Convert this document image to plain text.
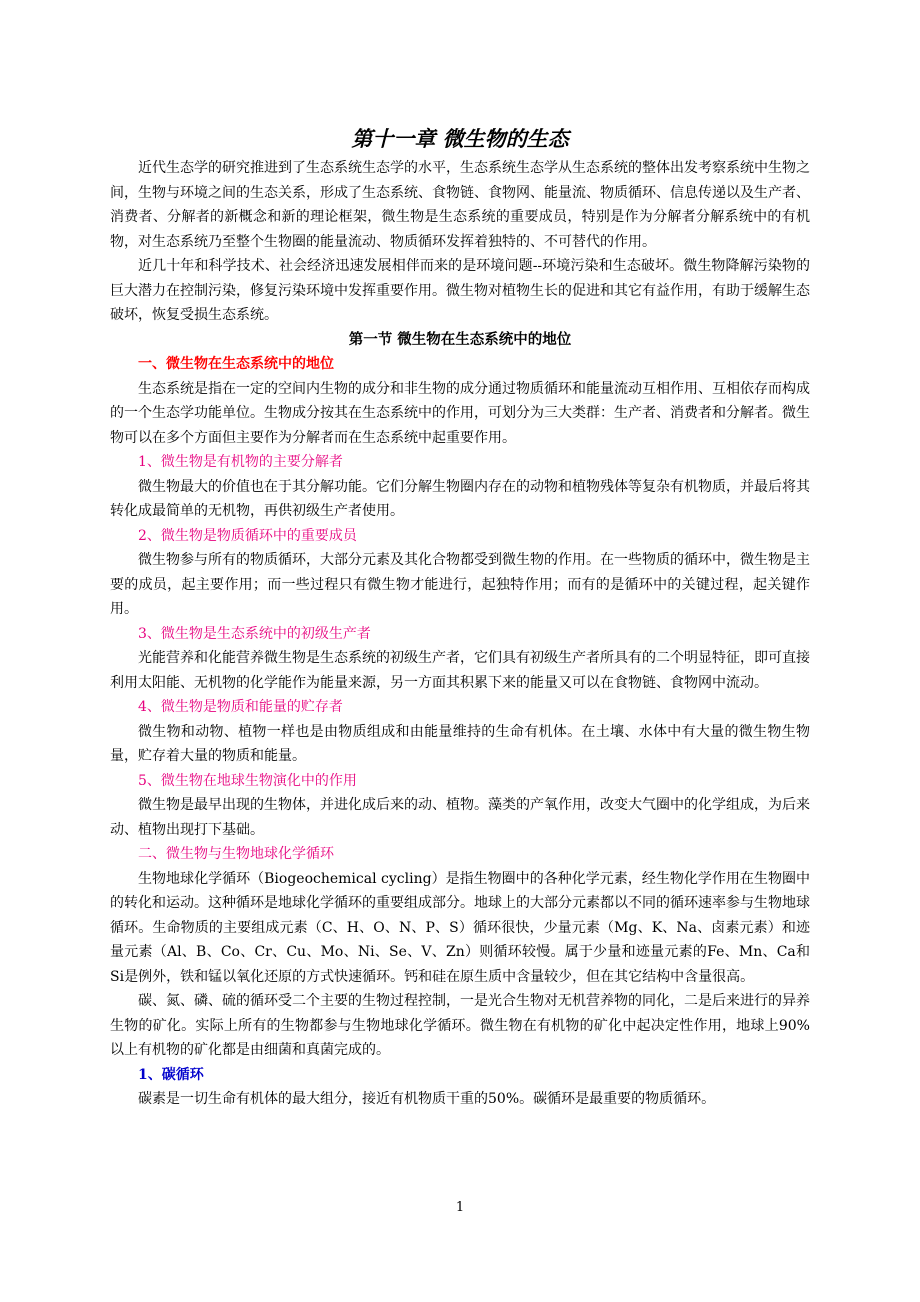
第十一章 微生物的生态

近代生态学的研究推进到了生态系统生态学的水平，生态系统生态学从生态系统的整体出发考察系统中生物之间，生物与环境之间的生态关系，形成了生态系统、食物链、食物网、能量流、物质循环、信息传递以及生产者、消费者、分解者的新概念和新的理论框架，微生物是生态系统的重要成员，特别是作为分解者分解系统中的有机物，对生态系统乃至整个生物圈的能量流动、物质循环发挥着独特的、不可替代的作用。

近几十年和科学技术、社会经济迅速发展相伴而来的是环境问题--环境污染和生态破坏。微生物降解污染物的巨大潜力在控制污染，修复污染环境中发挥重要作用。微生物对植物生长的促进和其它有益作用，有助于缓解生态破坏，恢复受损生态系统。

第一节 微生物在生态系统中的地位

一、微生物在生态系统中的地位

生态系统是指在一定的空间内生物的成分和非生物的成分通过物质循环和能量流动互相作用、互相依存而构成的一个生态学功能单位。生物成分按其在生态系统中的作用，可划分为三大类群：生产者、消费者和分解者。微生物可以在多个方面但主要作为分解者而在生态系统中起重要作用。

1、微生物是有机物的主要分解者

微生物最大的价值也在于其分解功能。它们分解生物圈内存在的动物和植物残体等复杂有机物质，并最后将其转化成最简单的无机物，再供初级生产者使用。

2、微生物是物质循环中的重要成员

微生物参与所有的物质循环，大部分元素及其化合物都受到微生物的作用。在一些物质的循环中，微生物是主要的成员，起主要作用；而一些过程只有微生物才能进行，起独特作用；而有的是循环中的关键过程，起关键作用。

3、微生物是生态系统中的初级生产者

光能营养和化能营养微生物是生态系统的初级生产者，它们具有初级生产者所具有的二个明显特征，即可直接利用太阳能、无机物的化学能作为能量来源，另一方面其积累下来的能量又可以在食物链、食物网中流动。

4、微生物是物质和能量的贮存者

微生物和动物、植物一样也是由物质组成和由能量维持的生命有机体。在土壤、水体中有大量的微生物生物量，贮存着大量的物质和能量。

5、微生物在地球生物演化中的作用

微生物是最早出现的生物体，并进化成后来的动、植物。藻类的产氧作用，改变大气圈中的化学组成，为后来动、植物出现打下基础。

二、微生物与生物地球化学循环

生物地球化学循环（Biogeochemical cycling）是指生物圈中的各种化学元素，经生物化学作用在生物圈中的转化和运动。这种循环是地球化学循环的重要组成部分。地球上的大部分元素都以不同的循环速率参与生物地球循环。生命物质的主要组成元素（C、H、O、N、P、S）循环很快，少量元素（Mg、K、Na、卤素元素）和迹量元素（Al、B、Co、Cr、Cu、Mo、Ni、Se、V、Zn）则循环较慢。属于少量和迹量元素的Fe、Mn、Ca和Si是例外，铁和锰以氧化还原的方式快速循环。钙和硅在原生质中含量较少，但在其它结构中含量很高。

碳、氮、磷、硫的循环受二个主要的生物过程控制，一是光合生物对无机营养物的同化，二是后来进行的异养生物的矿化。实际上所有的生物都参与生物地球化学循环。微生物在有机物的矿化中起决定性作用，地球上90%以上有机物的矿化都是由细菌和真菌完成的。

1、碳循环

碳素是一切生命有机体的最大组分，接近有机物质干重的50%。碳循环是最重要的物质循环。

1
